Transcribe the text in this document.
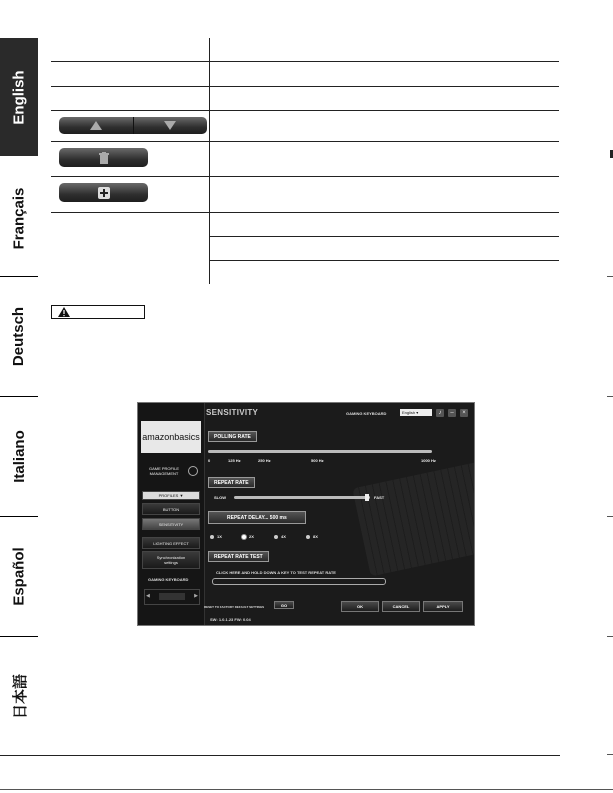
English
Français
Deutsch
Italiano
Español
日本語
amazonbasics
GAME PROFILE MANAGEMENT
PROFILES ▼
BUTTON
SENSITIVITY
LIGHTING EFFECT
Synchronization settings
GAMING KEYBOARD
◀	▶
SENSITIVITY	GAMING KEYBOARD	English ▾	♪	–	×
POLLING RATE
0	125 Hz	250 Hz	500 Hz	1000 Hz
REPEAT RATE
SLOW	FAST
REPEAT DELAY... 500 ms
1X	2X	4X	8X
REPEAT RATE TEST
CLICK HERE AND HOLD DOWN A KEY TO TEST REPEAT RATE
RESET TO FACTORY DEFAULT SETTINGS	GO
SW: 1.0.1.23 FW: 0.04
OK	CANCEL	APPLY
